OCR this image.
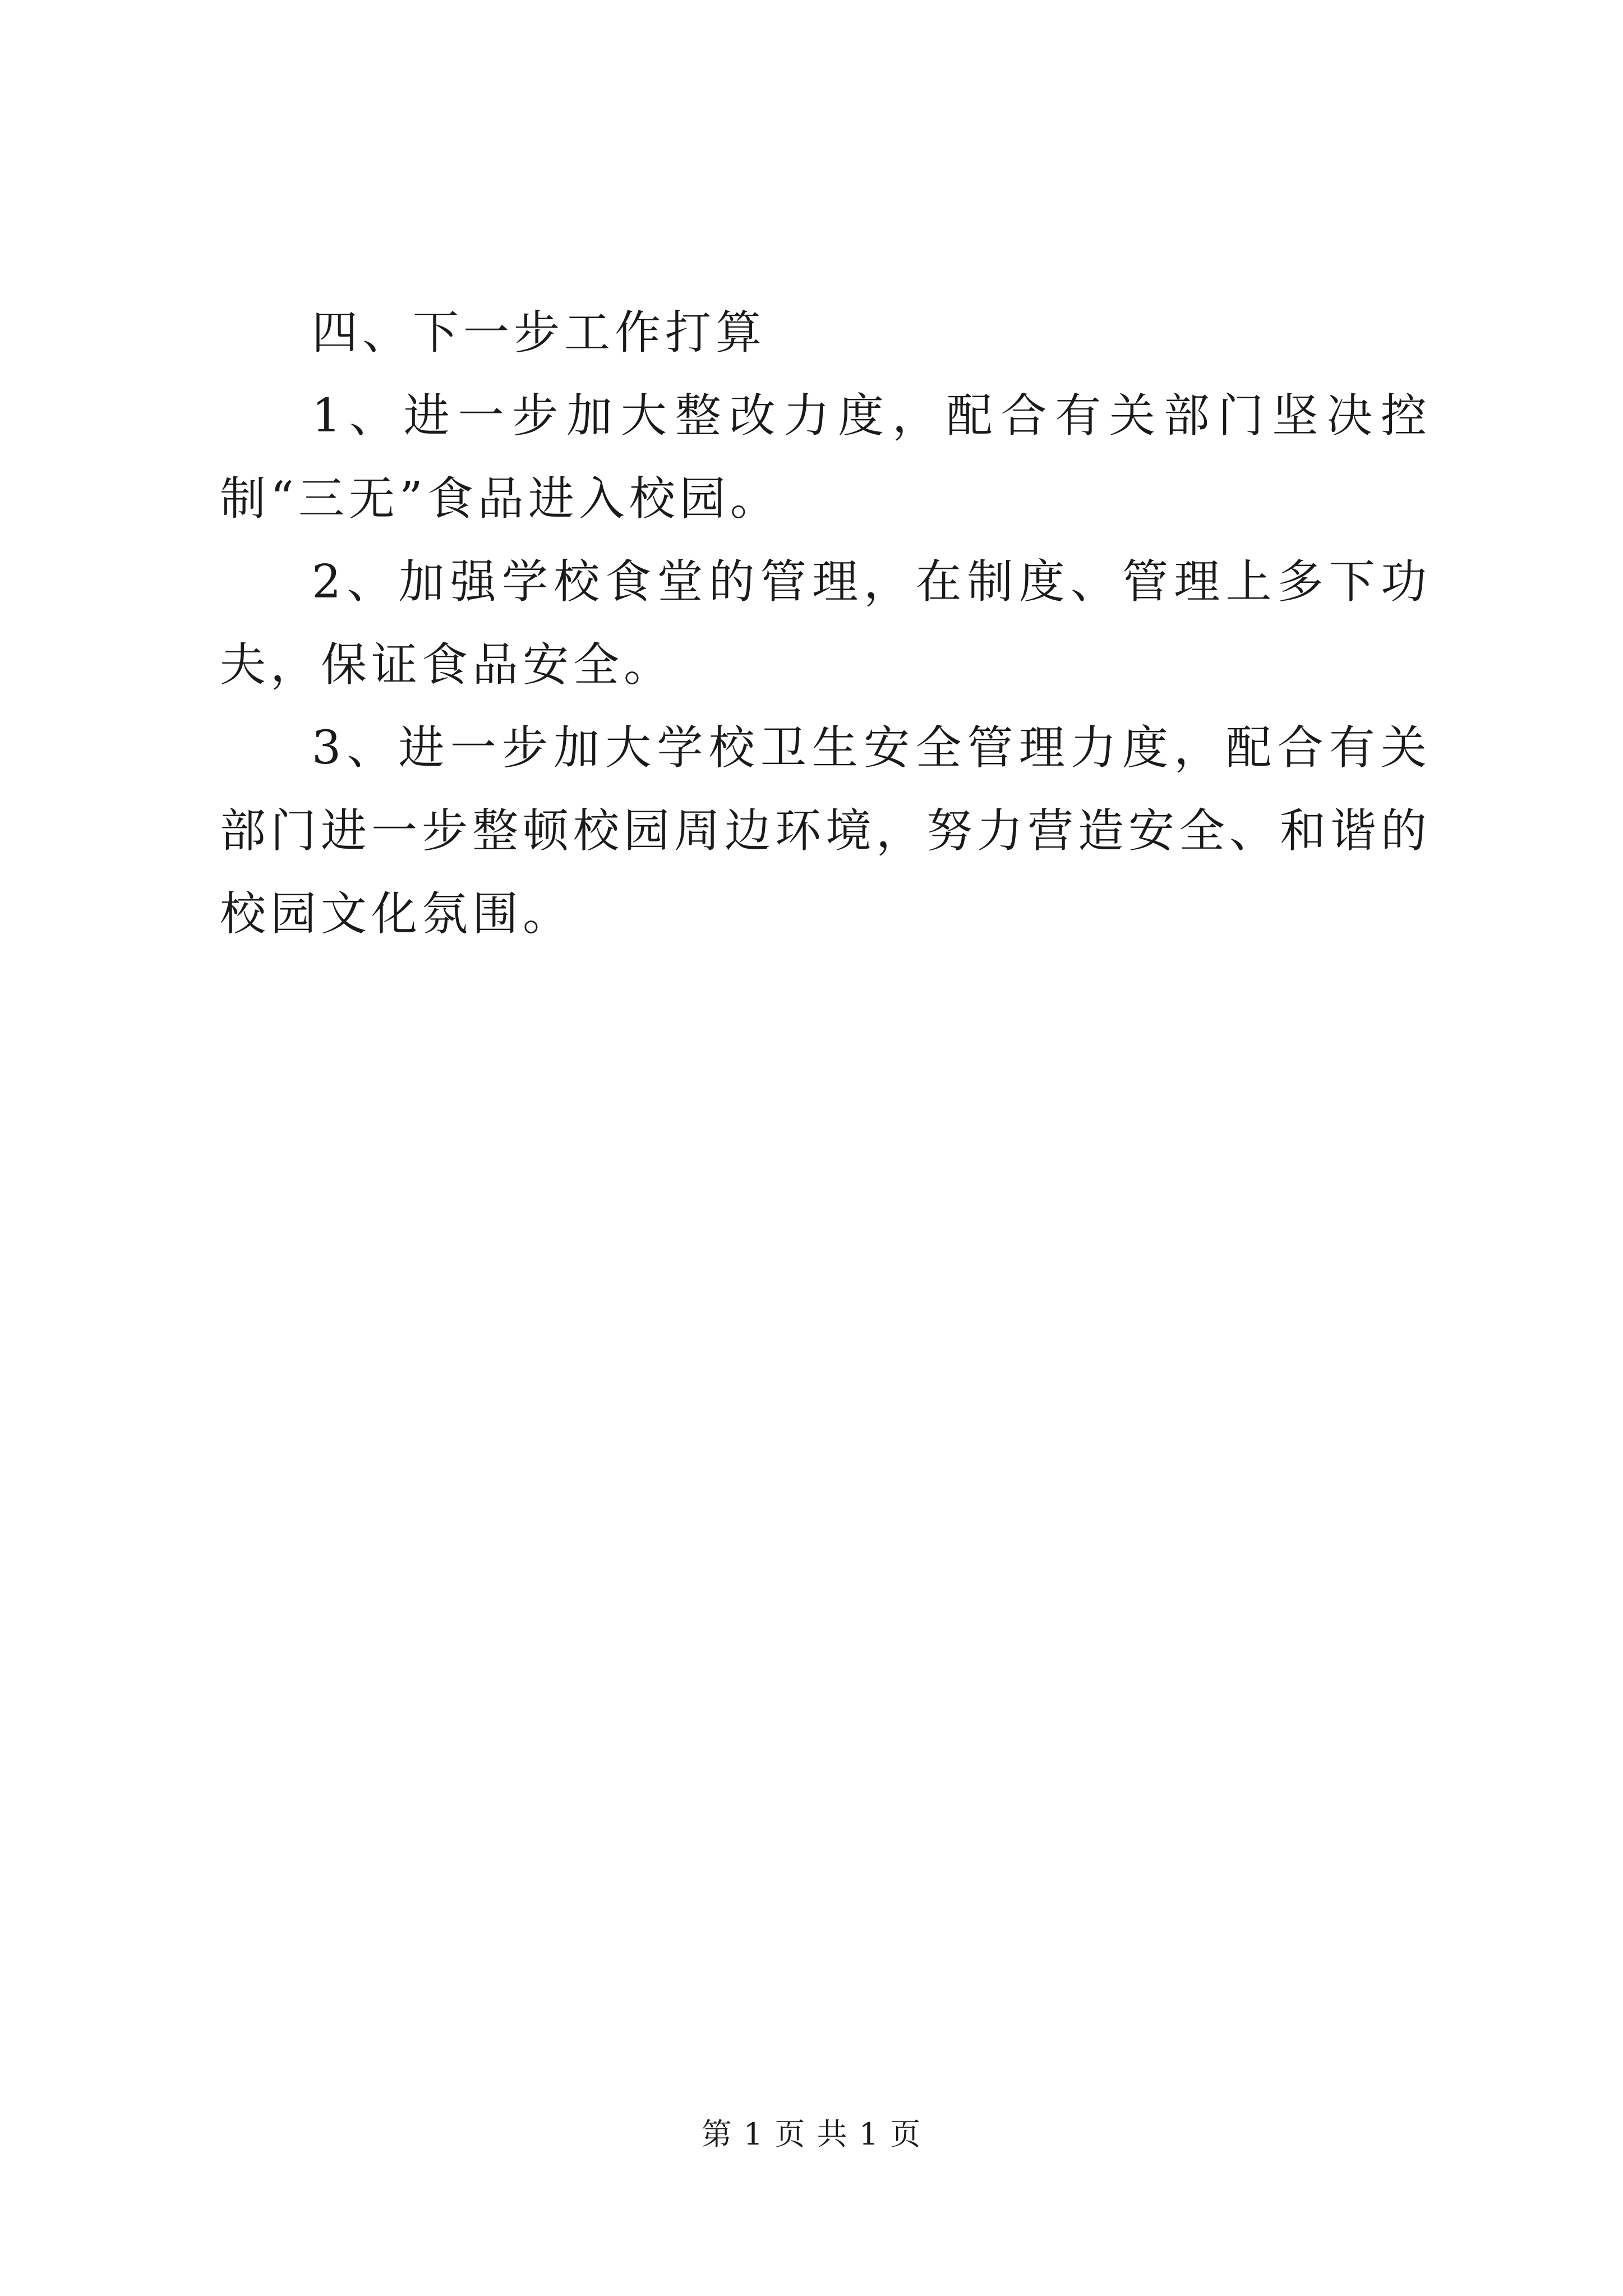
四、下一步工作打算

1、进一步加大整改力度，配合有关部门坚决控制“三无”食品进入校园。

2、加强学校食堂的管理，在制度、管理上多下功夫，保证食品安全。

3、进一步加大学校卫生安全管理力度，配合有关部门进一步整顿校园周边环境，努力营造安全、和谐的校园文化氛围。

第 1 页 共 1 页
